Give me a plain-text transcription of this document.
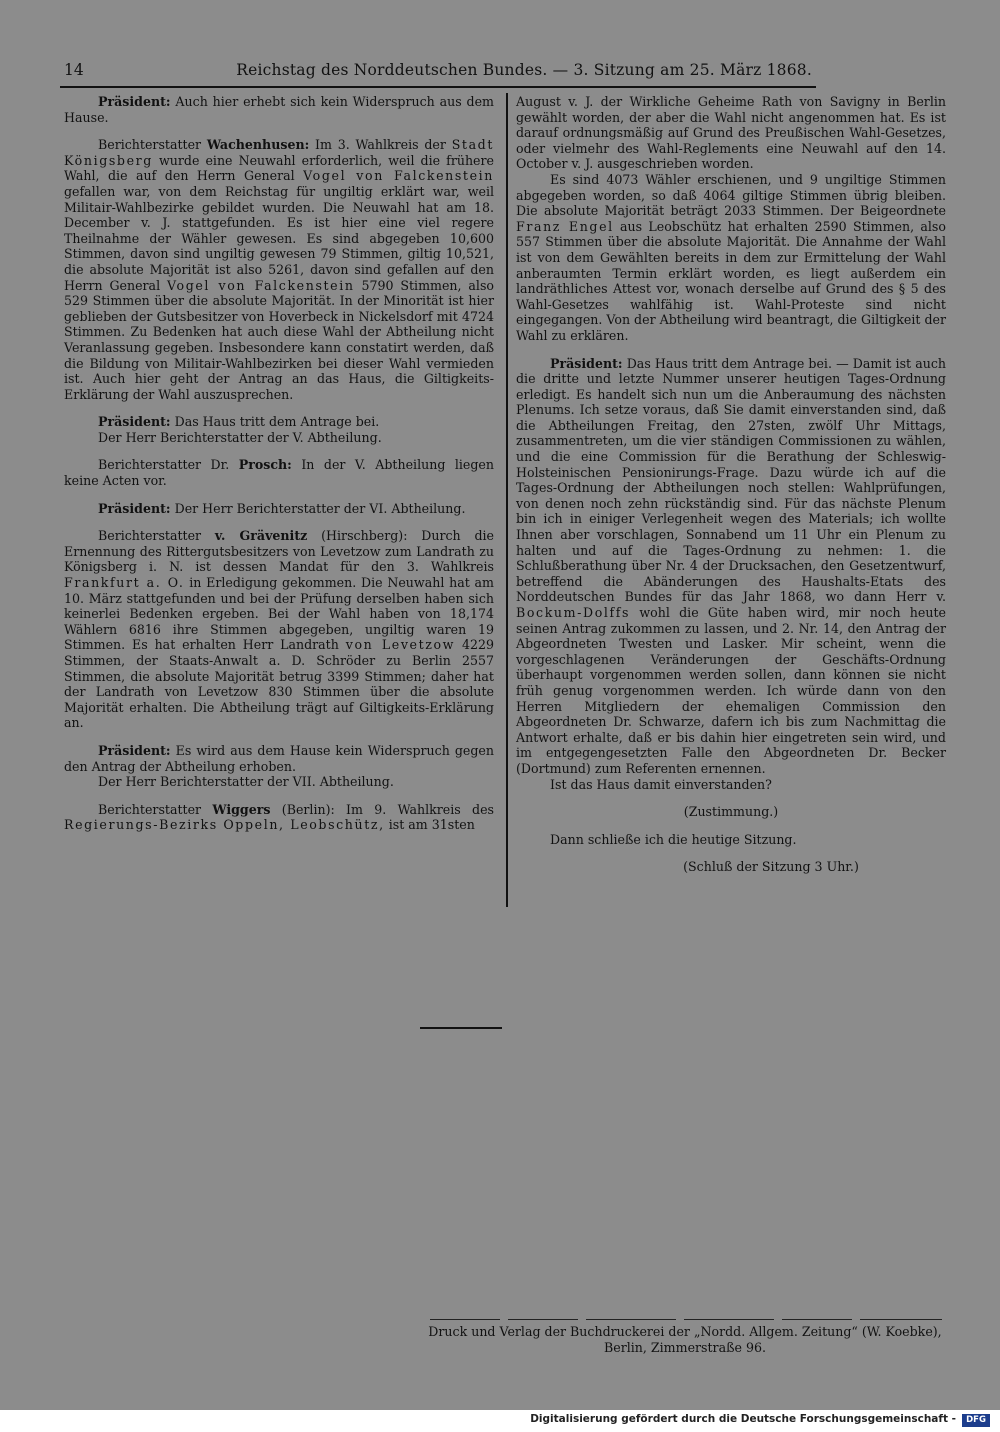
14	Reichstag des Norddeutschen Bundes. — 3. Sitzung am 25. März 1868.

Präsident: Auch hier erhebt sich kein Widerspruch aus dem Hause.

Berichterstatter Wachenhusen: Im 3. Wahlkreis der Stadt Königsberg wurde eine Neuwahl erforderlich, weil die frühere Wahl, die auf den Herrn General Vogel von Falckenstein gefallen war, von dem Reichstag für ungiltig erklärt war, weil Militair-Wahlbezirke gebildet wurden. Die Neuwahl hat am 18. December v. J. stattgefunden. Es ist hier eine viel regere Theilnahme der Wähler gewesen. Es sind abgegeben 10,600 Stimmen, davon sind ungiltig gewesen 79 Stimmen, giltig 10,521, die absolute Majorität ist also 5261, davon sind gefallen auf den Herrn General Vogel von Falckenstein 5790 Stimmen, also 529 Stimmen über die absolute Majorität. In der Minorität ist hier geblieben der Gutsbesitzer von Hoverbeck in Nickelsdorf mit 4724 Stimmen. Zu Bedenken hat auch diese Wahl der Abtheilung nicht Veranlassung gegeben. Insbesondere kann constatirt werden, daß die Bildung von Militair-Wahlbezirken bei dieser Wahl vermieden ist. Auch hier geht der Antrag an das Haus, die Giltigkeits-Erklärung der Wahl auszusprechen.

Präsident: Das Haus tritt dem Antrage bei.

Der Herr Berichterstatter der V. Abtheilung.

Berichterstatter Dr. Prosch: In der V. Abtheilung liegen keine Acten vor.

Präsident: Der Herr Berichterstatter der VI. Abtheilung.

Berichterstatter v. Grävenitz (Hirschberg): Durch die Ernennung des Rittergutsbesitzers von Levetzow zum Landrath zu Königsberg i. N. ist dessen Mandat für den 3. Wahlkreis Frankfurt a. O. in Erledigung gekommen. Die Neuwahl hat am 10. März stattgefunden und bei der Prüfung derselben haben sich keinerlei Bedenken ergeben. Bei der Wahl haben von 18,174 Wählern 6816 ihre Stimmen abgegeben, ungiltig waren 19 Stimmen. Es hat erhalten Herr Landrath von Levetzow 4229 Stimmen, der Staats-Anwalt a. D. Schröder zu Berlin 2557 Stimmen, die absolute Majorität betrug 3399 Stimmen; daher hat der Landrath von Levetzow 830 Stimmen über die absolute Majorität erhalten. Die Abtheilung trägt auf Giltigkeits-Erklärung an.

Präsident: Es wird aus dem Hause kein Widerspruch gegen den Antrag der Abtheilung erhoben.

Der Herr Berichterstatter der VII. Abtheilung.

Berichterstatter Wiggers (Berlin): Im 9. Wahlkreis des Regierungs-Bezirks Oppeln, Leobschütz, ist am 31sten

August v. J. der Wirkliche Geheime Rath von Savigny in Berlin gewählt worden, der aber die Wahl nicht angenommen hat. Es ist darauf ordnungsmäßig auf Grund des Preußischen Wahl-Gesetzes, oder vielmehr des Wahl-Reglements eine Neuwahl auf den 14. October v. J. ausgeschrieben worden.

Es sind 4073 Wähler erschienen, und 9 ungiltige Stimmen abgegeben worden, so daß 4064 giltige Stimmen übrig bleiben. Die absolute Majorität beträgt 2033 Stimmen. Der Beigeordnete Franz Engel aus Leobschütz hat erhalten 2590 Stimmen, also 557 Stimmen über die absolute Majorität. Die Annahme der Wahl ist von dem Gewählten bereits in dem zur Ermittelung der Wahl anberaumten Termin erklärt worden, es liegt außerdem ein landräthliches Attest vor, wonach derselbe auf Grund des § 5 des Wahl-Gesetzes wahlfähig ist. Wahl-Proteste sind nicht eingegangen. Von der Abtheilung wird beantragt, die Giltigkeit der Wahl zu erklären.

Präsident: Das Haus tritt dem Antrage bei. — Damit ist auch die dritte und letzte Nummer unserer heutigen Tages-Ordnung erledigt. Es handelt sich nun um die Anberaumung des nächsten Plenums. Ich setze voraus, daß Sie damit einverstanden sind, daß die Abtheilungen Freitag, den 27sten, zwölf Uhr Mittags, zusammentreten, um die vier ständigen Commissionen zu wählen, und die eine Commission für die Berathung der Schleswig-Holsteinischen Pensionirungs-Frage. Dazu würde ich auf die Tages-Ordnung der Abtheilungen noch stellen: Wahlprüfungen, von denen noch zehn rückständig sind. Für das nächste Plenum bin ich in einiger Verlegenheit wegen des Materials; ich wollte Ihnen aber vorschlagen, Sonnabend um 11 Uhr ein Plenum zu halten und auf die Tages-Ordnung zu nehmen: 1. die Schlußberathung über Nr. 4 der Drucksachen, den Gesetzentwurf, betreffend die Abänderungen des Haushalts-Etats des Norddeutschen Bundes für das Jahr 1868, wo dann Herr v. Bockum-Dolffs wohl die Güte haben wird, mir noch heute seinen Antrag zukommen zu lassen, und 2. Nr. 14, den Antrag der Abgeordneten Twesten und Lasker. Mir scheint, wenn die vorgeschlagenen Veränderungen der Geschäfts-Ordnung überhaupt vorgenommen werden sollen, dann können sie nicht früh genug vorgenommen werden. Ich würde dann von den Herren Mitgliedern der ehemaligen Commission den Abgeordneten Dr. Schwarze, dafern ich bis zum Nachmittag die Antwort erhalte, daß er bis dahin hier eingetreten sein wird, und im entgegengesetzten Falle den Abgeordneten Dr. Becker (Dortmund) zum Referenten ernennen.

Ist das Haus damit einverstanden?

(Zustimmung.)

Dann schließe ich die heutige Sitzung.

(Schluß der Sitzung 3 Uhr.)

Druck und Verlag der Buchdruckerei der „Nordd. Allgem. Zeitung“ (W. Koebke),
Berlin, Zimmerstraße 96.
Digitalisierung gefördert durch die Deutsche Forschungsgemeinschaft -	DFG
